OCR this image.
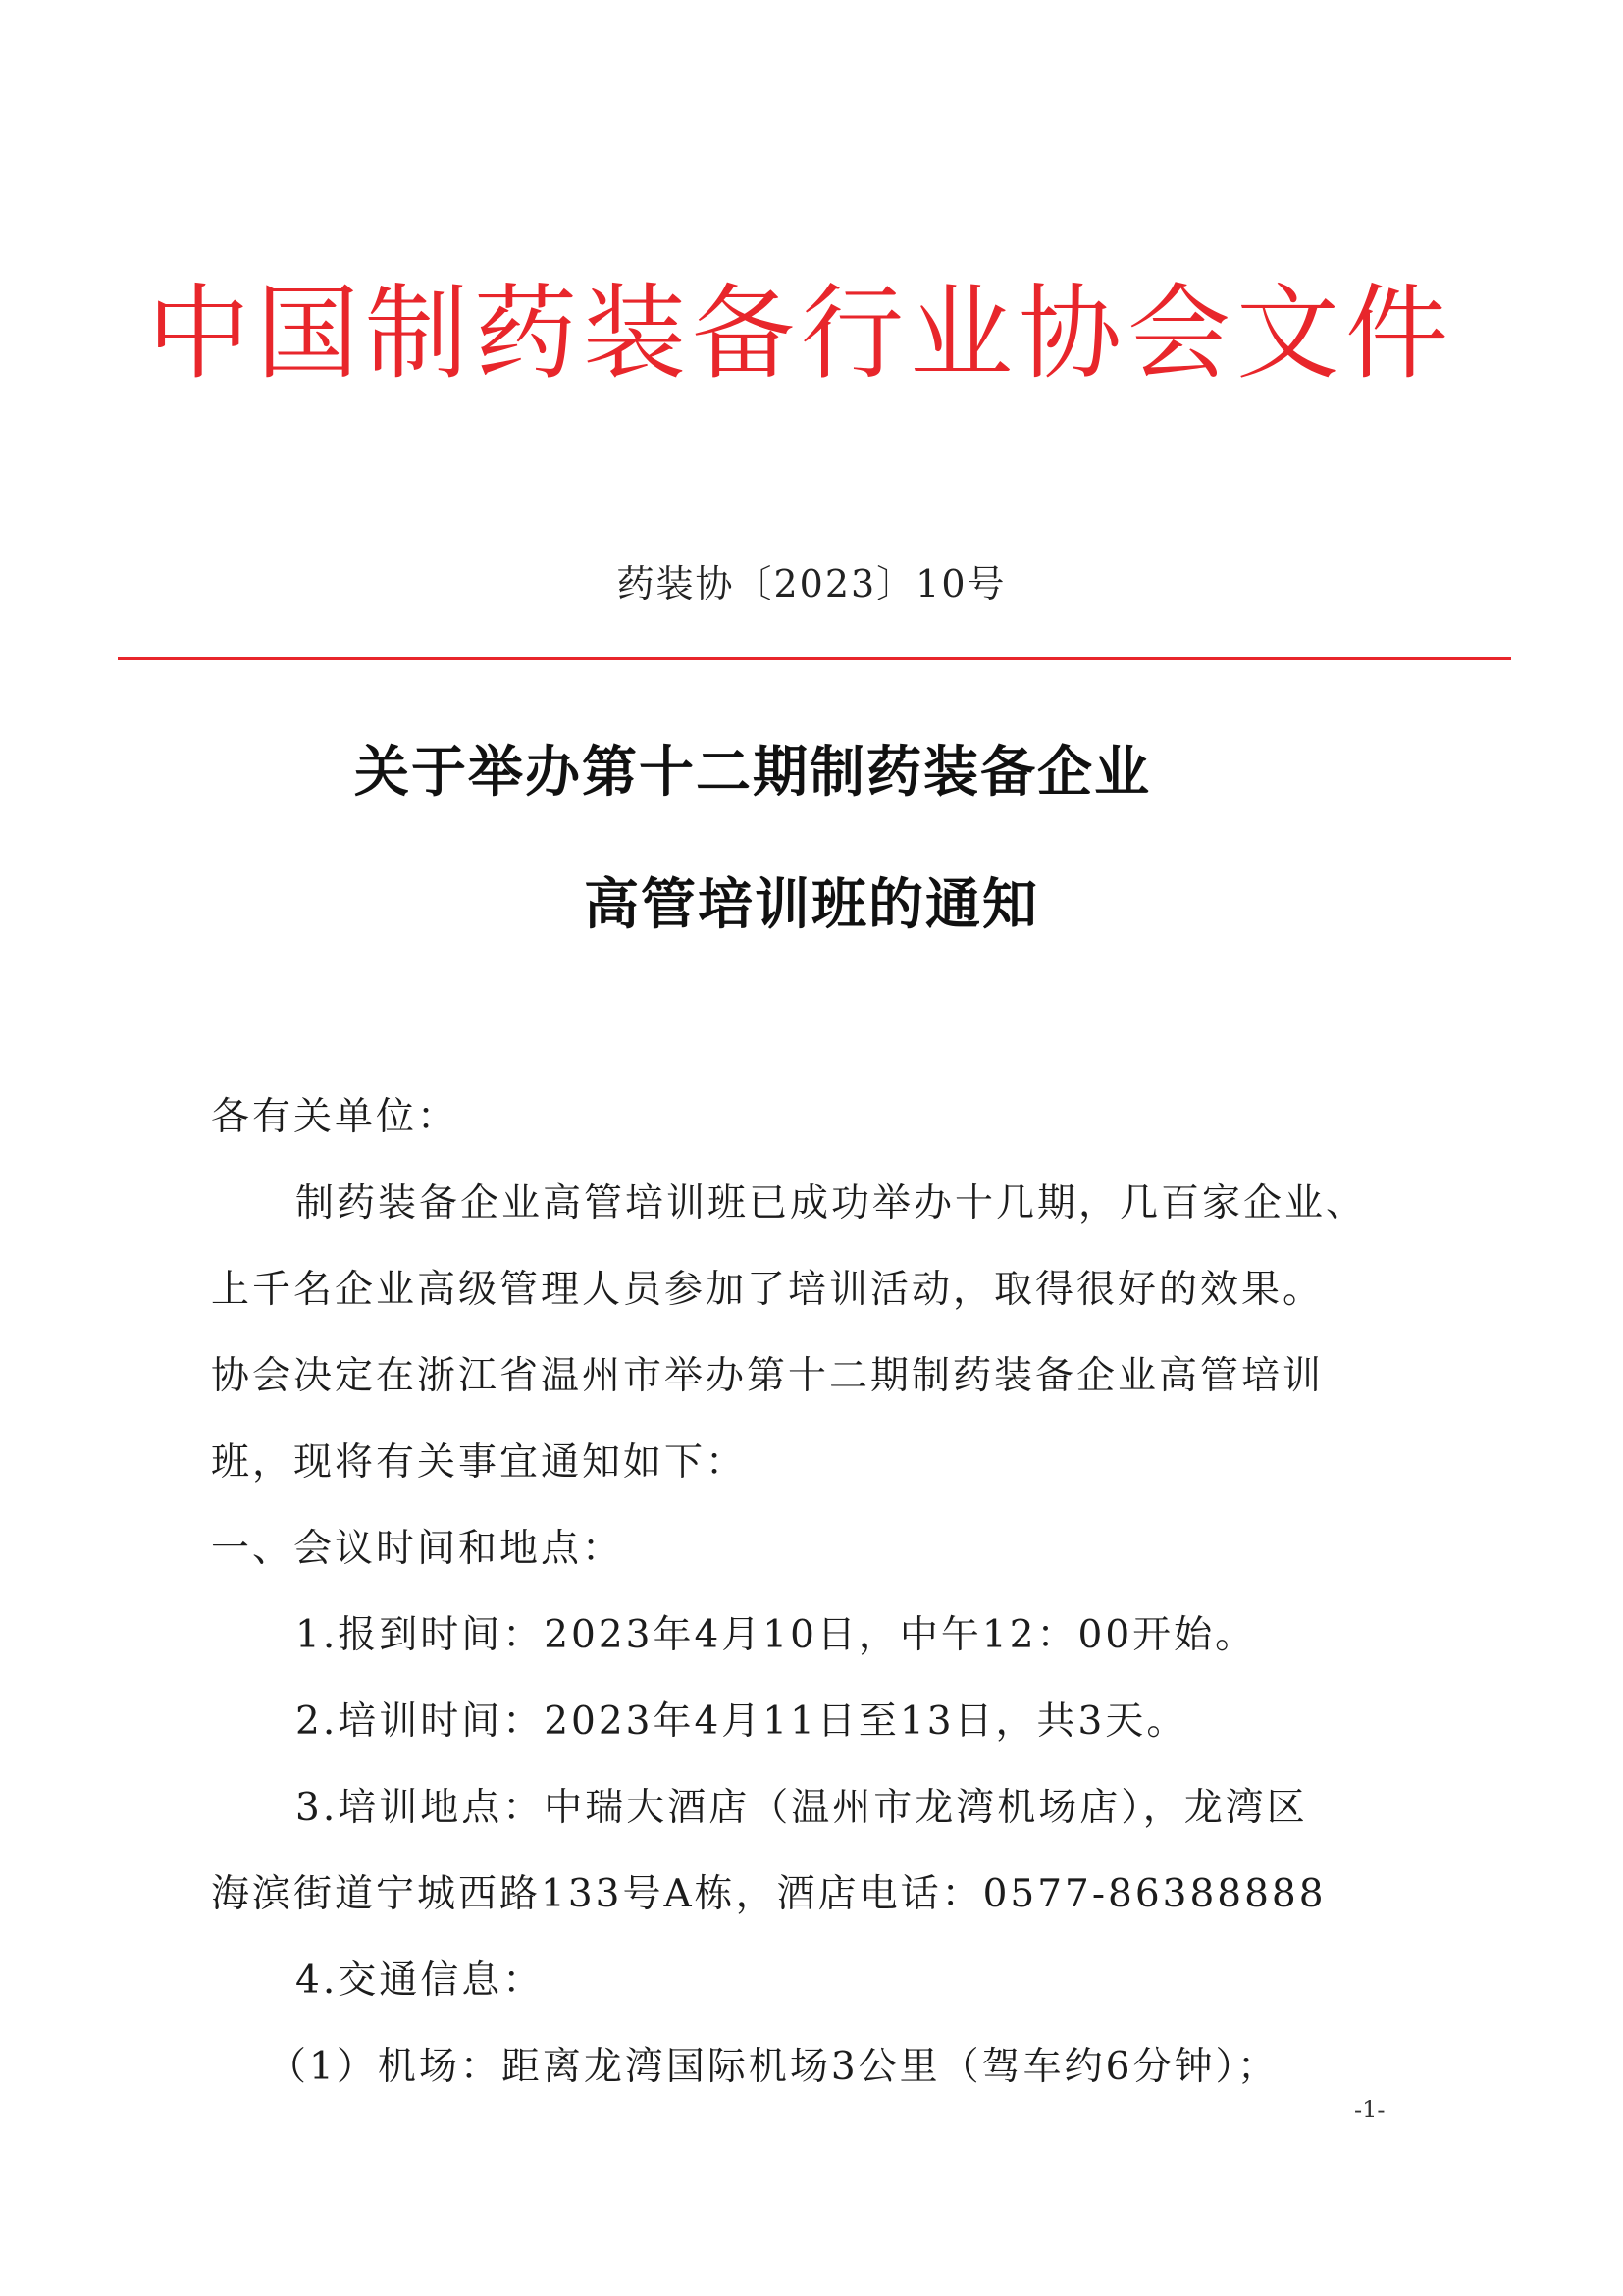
中国制药装备行业协会文件
药装协〔2023〕10号
关于举办第十二期制药装备企业
高管培训班的通知
各有关单位：
制药装备企业高管培训班已成功举办十几期，几百家企业、
上千名企业高级管理人员参加了培训活动，取得很好的效果。
协会决定在浙江省温州市举办第十二期制药装备企业高管培训
班，现将有关事宜通知如下：
一、会议时间和地点：
1.报到时间：2023年4月10日，中午12：00开始。
2.培训时间：2023年4月11日至13日，共3天。
3.培训地点：中瑞大酒店（温州市龙湾机场店），龙湾区
海滨街道宁城西路133号A栋，酒店电话：0577-86388888
4.交通信息：
（1）机场：距离龙湾国际机场3公里（驾车约6分钟）；
-1-
